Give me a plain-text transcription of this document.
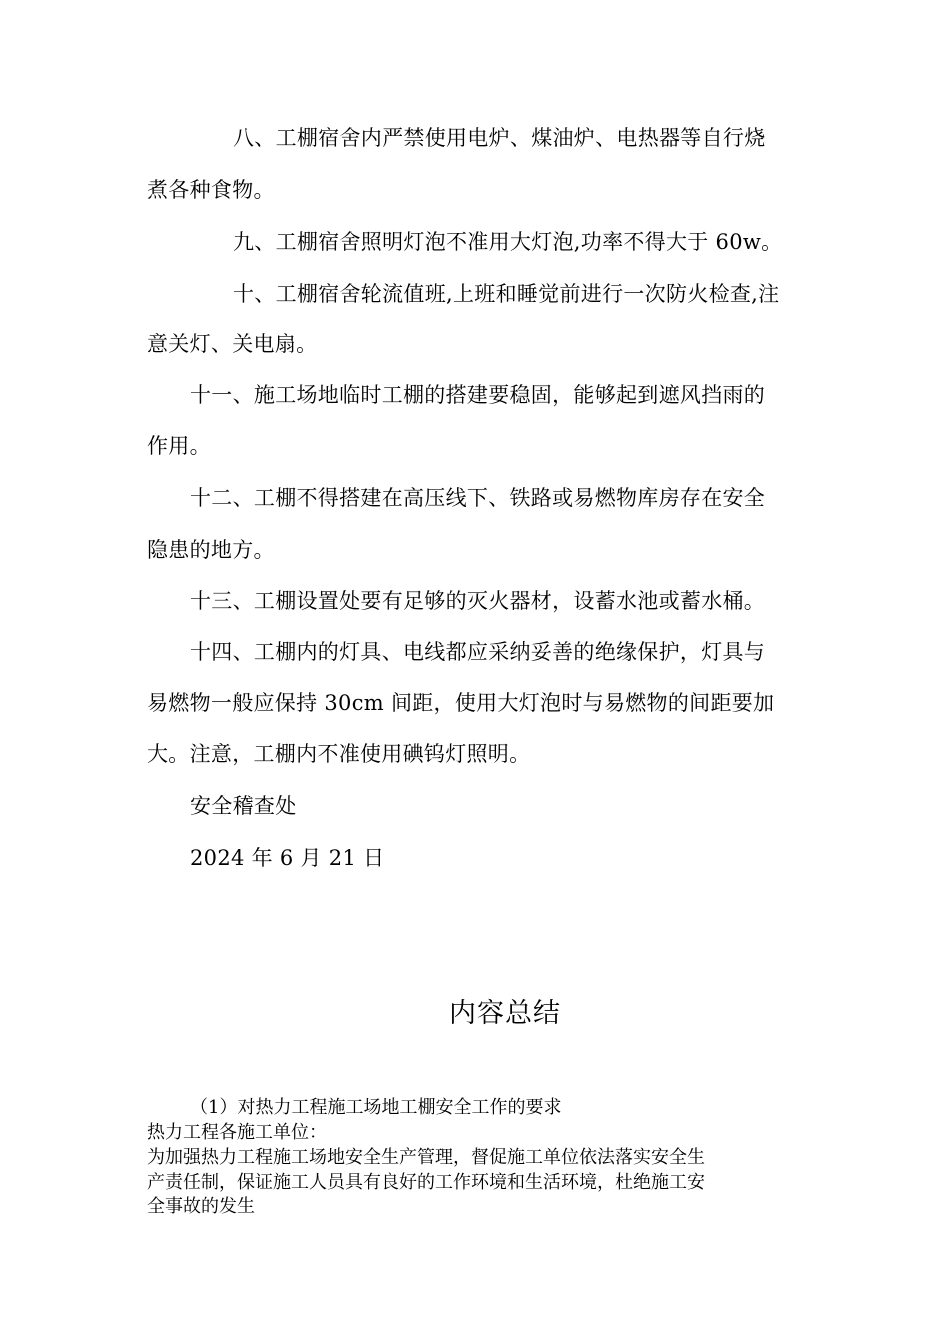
八、工棚宿舍内严禁使用电炉、煤油炉、电热器等自行烧
煮各种食物。
九、工棚宿舍照明灯泡不准用大灯泡,功率不得大于 60w。
十、工棚宿舍轮流值班,上班和睡觉前进行一次防火检查,注
意关灯、关电扇。
十一、施工场地临时工棚的搭建要稳固，能够起到遮风挡雨的
作用。
十二、工棚不得搭建在高压线下、铁路或易燃物库房存在安全
隐患的地方。
十三、工棚设置处要有足够的灭火器材，设蓄水池或蓄水桶。
十四、工棚内的灯具、电线都应采纳妥善的绝缘保护，灯具与
易燃物一般应保持 30cm 间距，使用大灯泡时与易燃物的间距要加
大。注意，工棚内不准使用碘钨灯照明。
安全稽查处
2024 年 6 月 21 日
内容总结
（1）对热力工程施工场地工棚安全工作的要求
热力工程各施工单位：
为加强热力工程施工场地安全生产管理，督促施工单位依法落实安全生
产责任制，保证施工人员具有良好的工作环境和生活环境，杜绝施工安
全事故的发生
